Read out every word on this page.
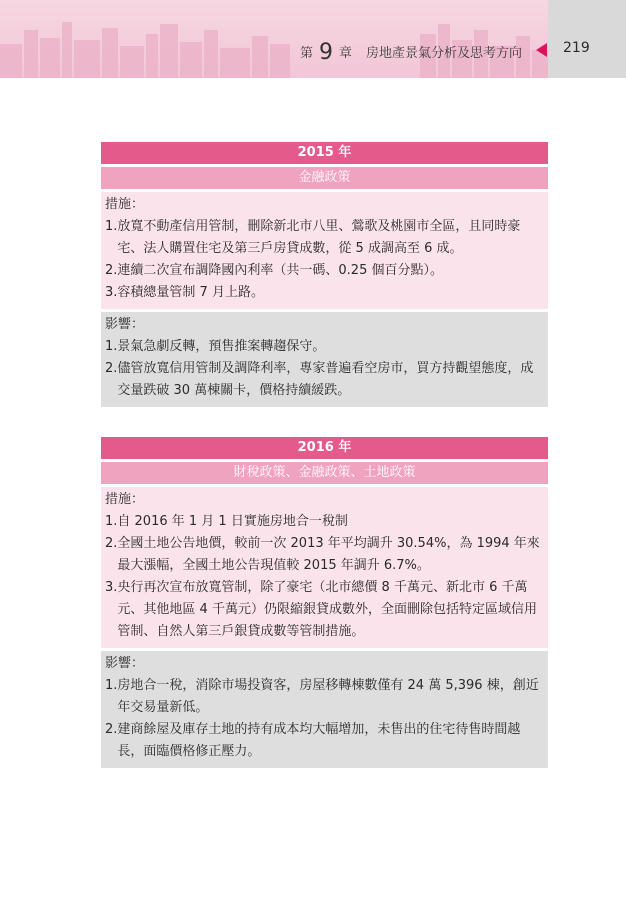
第 9 章 房地產景氣分析及思考方向	219
2015 年
金融政策
措施：
1. 放寬不動產信用管制，刪除新北市八里、鶯歌及桃園市全區，且同時豪宅、法人購置住宅及第三戶房貸成數，從 5 成調高至 6 成。
2. 連續二次宣布調降國內利率（共一碼、0.25 個百分點）。
3. 容積總量管制 7 月上路。
影響：
1. 景氣急劇反轉，預售推案轉趨保守。
2. 儘管放寬信用管制及調降利率，專家普遍看空房市，買方持觀望態度，成交量跌破 30 萬棟關卡，價格持續緩跌。
2016 年
財稅政策、金融政策、土地政策
措施：
1. 自 2016 年 1 月 1 日實施房地合一稅制
2. 全國土地公告地價，較前一次 2013 年平均調升 30.54%，為 1994 年來最大漲幅，全國土地公告現值較 2015 年調升 6.7%。
3. 央行再次宣布放寬管制，除了豪宅（北市總價 8 千萬元、新北市 6 千萬元、其他地區 4 千萬元）仍限縮銀貸成數外，全面刪除包括特定區域信用管制、自然人第三戶銀貸成數等管制措施。
影響：
1. 房地合一稅，消除市場投資客，房屋移轉棟數僅有 24 萬 5,396 棟，創近年交易量新低。
2. 建商餘屋及庫存土地的持有成本均大幅增加，未售出的住宅待售時間越長，面臨價格修正壓力。
